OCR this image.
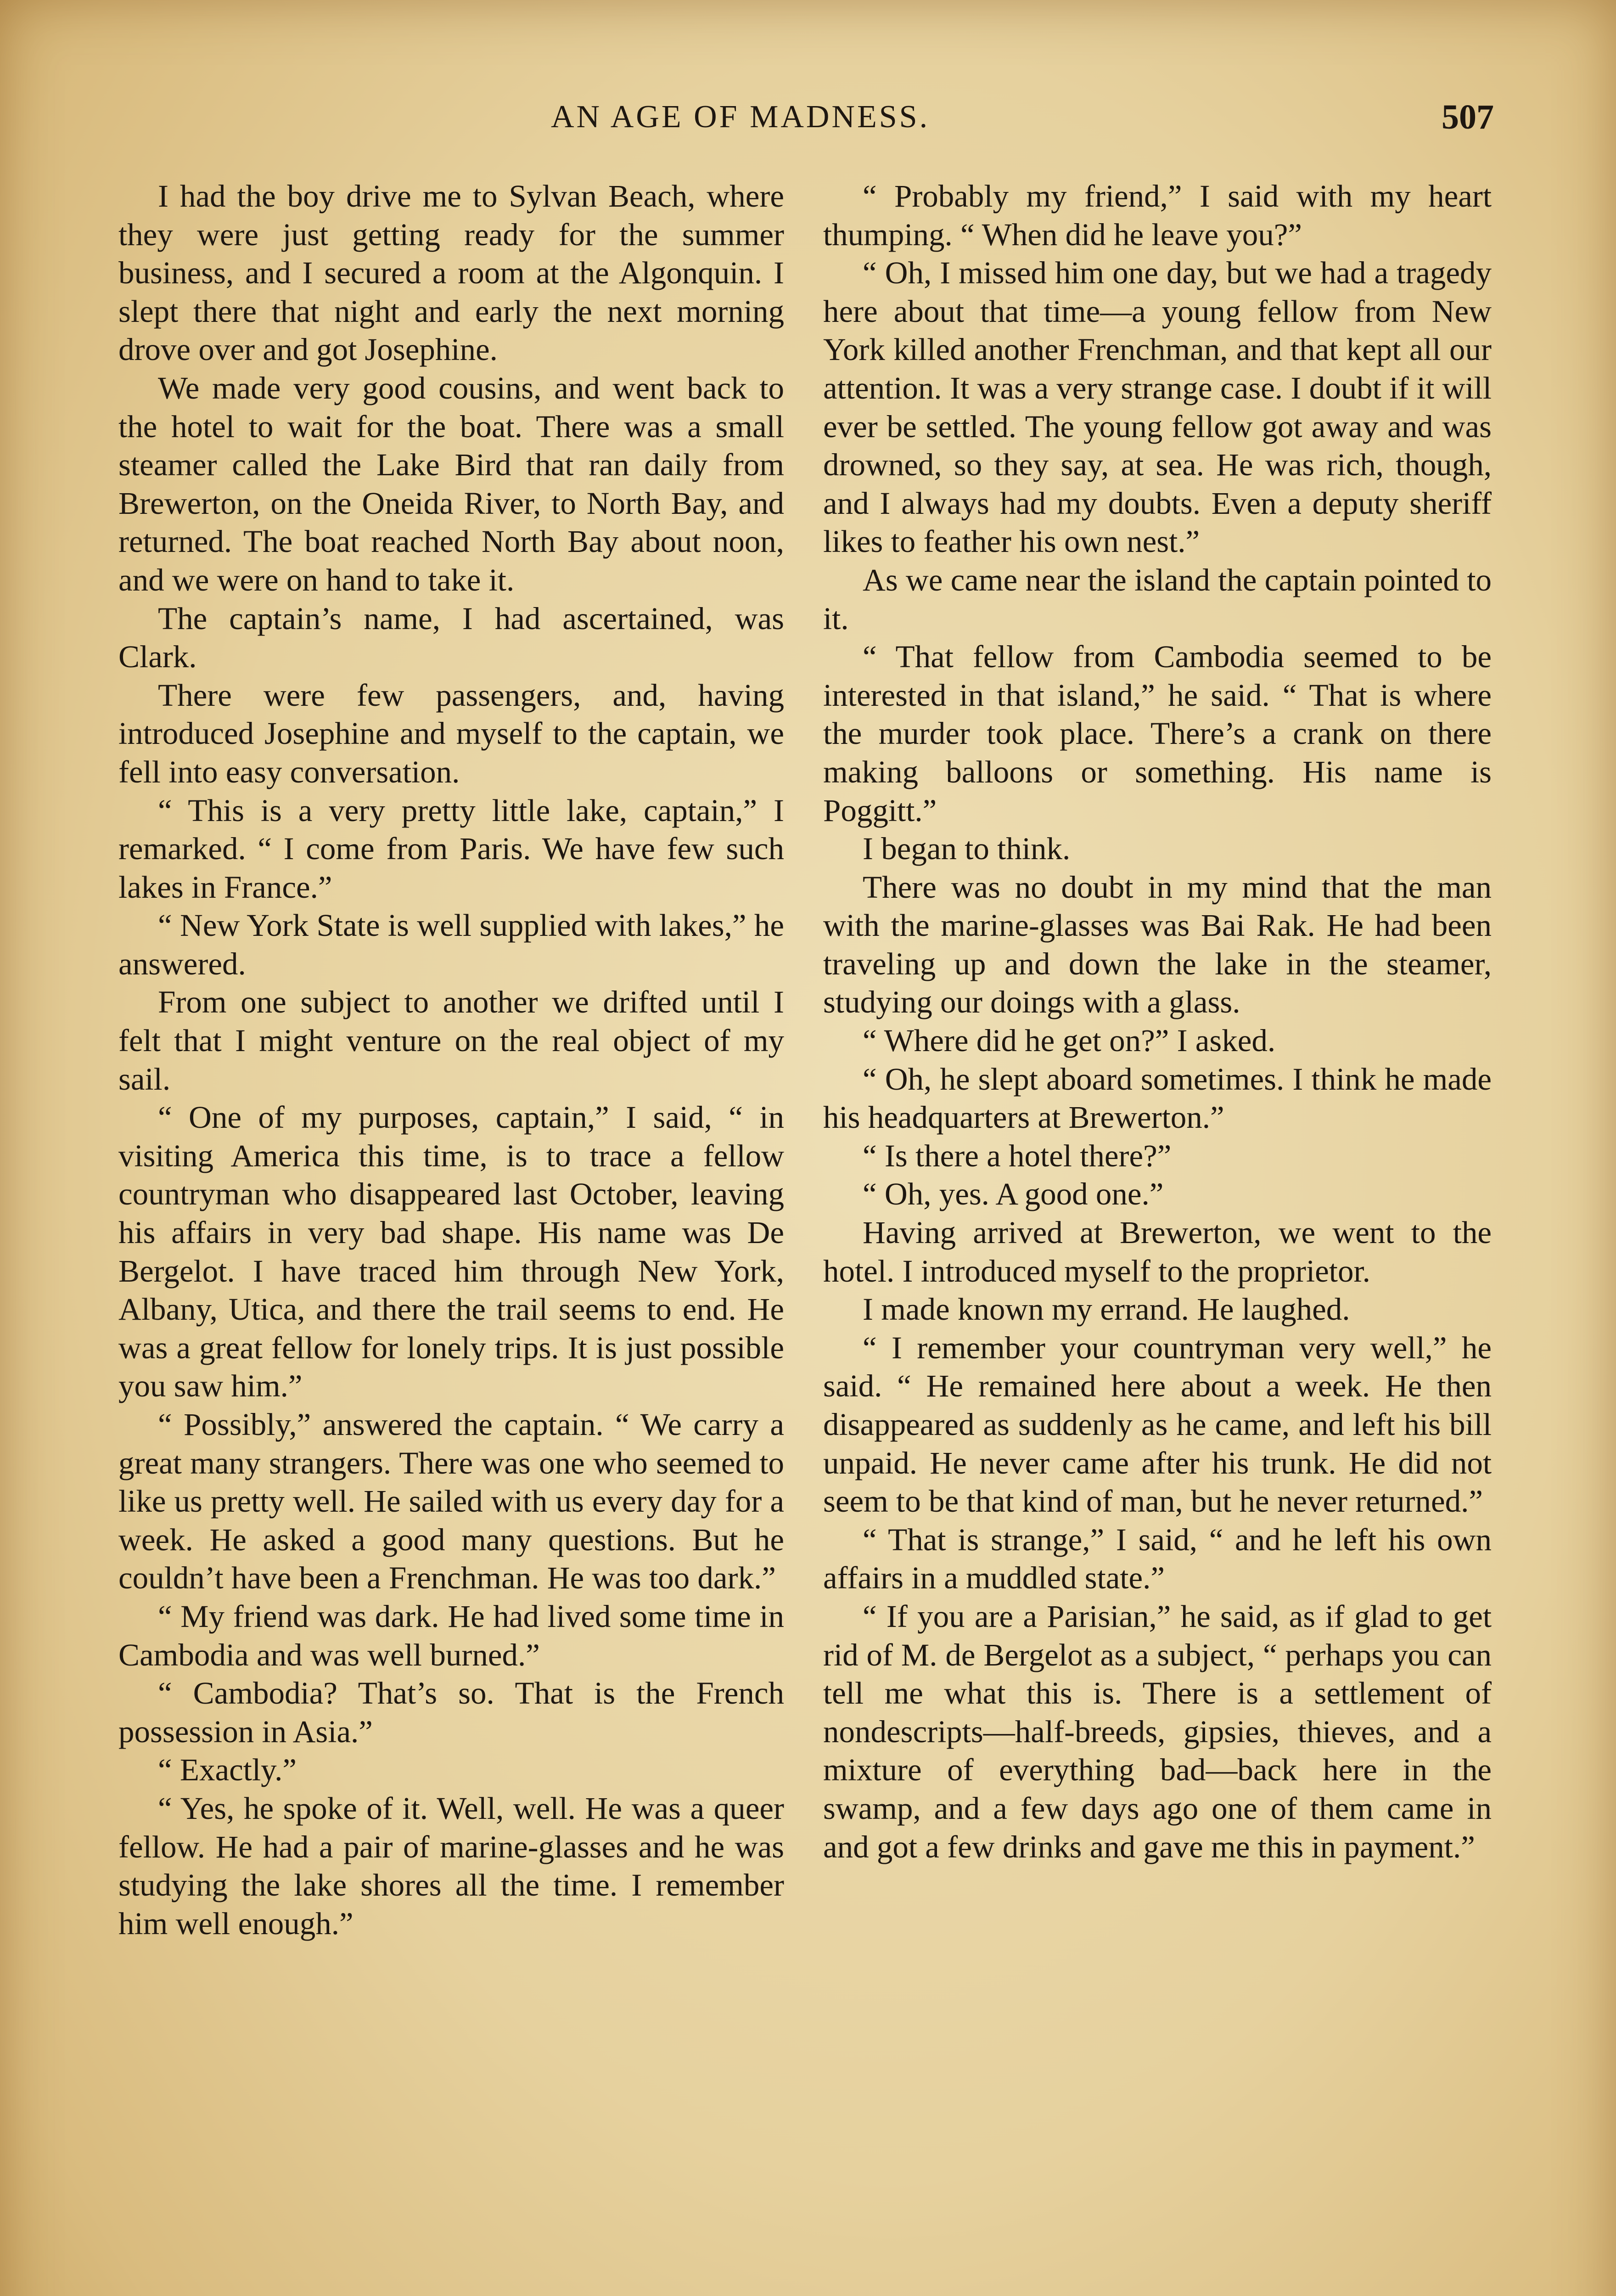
AN AGE OF MADNESS.	507

I had the boy drive me to Sylvan Beach, where they were just getting ready for the summer business, and I secured a room at the Algonquin. I slept there that night and early the next morning drove over and got Josephine.

We made very good cousins, and went back to the hotel to wait for the boat. There was a small steamer called the Lake Bird that ran daily from Brewerton, on the Oneida River, to North Bay, and returned. The boat reached North Bay about noon, and we were on hand to take it.

The captain’s name, I had ascertained, was Clark.

There were few passengers, and, having introduced Josephine and myself to the captain, we fell into easy conversation.

“ This is a very pretty little lake, captain,” I remarked. “ I come from Paris. We have few such lakes in France.”

“ New York State is well supplied with lakes,” he answered.

From one subject to another we drifted until I felt that I might venture on the real object of my sail.

“ One of my purposes, captain,” I said, “ in visiting America this time, is to trace a fellow countryman who disappeared last October, leaving his affairs in very bad shape. His name was De Bergelot. I have traced him through New York, Albany, Utica, and there the trail seems to end. He was a great fellow for lonely trips. It is just possible you saw him.”

“ Possibly,” answered the captain. “ We carry a great many strangers. There was one who seemed to like us pretty well. He sailed with us every day for a week. He asked a good many questions. But he couldn’t have been a Frenchman. He was too dark.”

“ My friend was dark. He had lived some time in Cambodia and was well burned.”

“ Cambodia? That’s so. That is the French possession in Asia.”

“ Exactly.”

“ Yes, he spoke of it. Well, well. He was a queer fellow. He had a pair of marine-glasses and he was studying the lake shores all the time. I remember him well enough.”

“ Probably my friend,” I said with my heart thumping. “ When did he leave you?”

“ Oh, I missed him one day, but we had a tragedy here about that time—a young fellow from New York killed another Frenchman, and that kept all our attention. It was a very strange case. I doubt if it will ever be settled. The young fellow got away and was drowned, so they say, at sea. He was rich, though, and I always had my doubts. Even a deputy sheriff likes to feather his own nest.”

As we came near the island the captain pointed to it.

“ That fellow from Cambodia seemed to be interested in that island,” he said. “ That is where the murder took place. There’s a crank on there making balloons or something. His name is Poggitt.”

I began to think.

There was no doubt in my mind that the man with the marine-glasses was Bai Rak. He had been traveling up and down the lake in the steamer, studying our doings with a glass.

“ Where did he get on?” I asked.

“ Oh, he slept aboard sometimes. I think he made his headquarters at Brewerton.”

“ Is there a hotel there?”

“ Oh, yes. A good one.”

Having arrived at Brewerton, we went to the hotel. I introduced myself to the proprietor.

I made known my errand. He laughed.

“ I remember your countryman very well,” he said. “ He remained here about a week. He then disappeared as suddenly as he came, and left his bill unpaid. He never came after his trunk. He did not seem to be that kind of man, but he never returned.”

“ That is strange,” I said, “ and he left his own affairs in a muddled state.”

“ If you are a Parisian,” he said, as if glad to get rid of M. de Bergelot as a subject, “ perhaps you can tell me what this is. There is a settlement of nondescripts—half-breeds, gipsies, thieves, and a mixture of everything bad—back here in the swamp, and a few days ago one of them came in and got a few drinks and gave me this in payment.”
